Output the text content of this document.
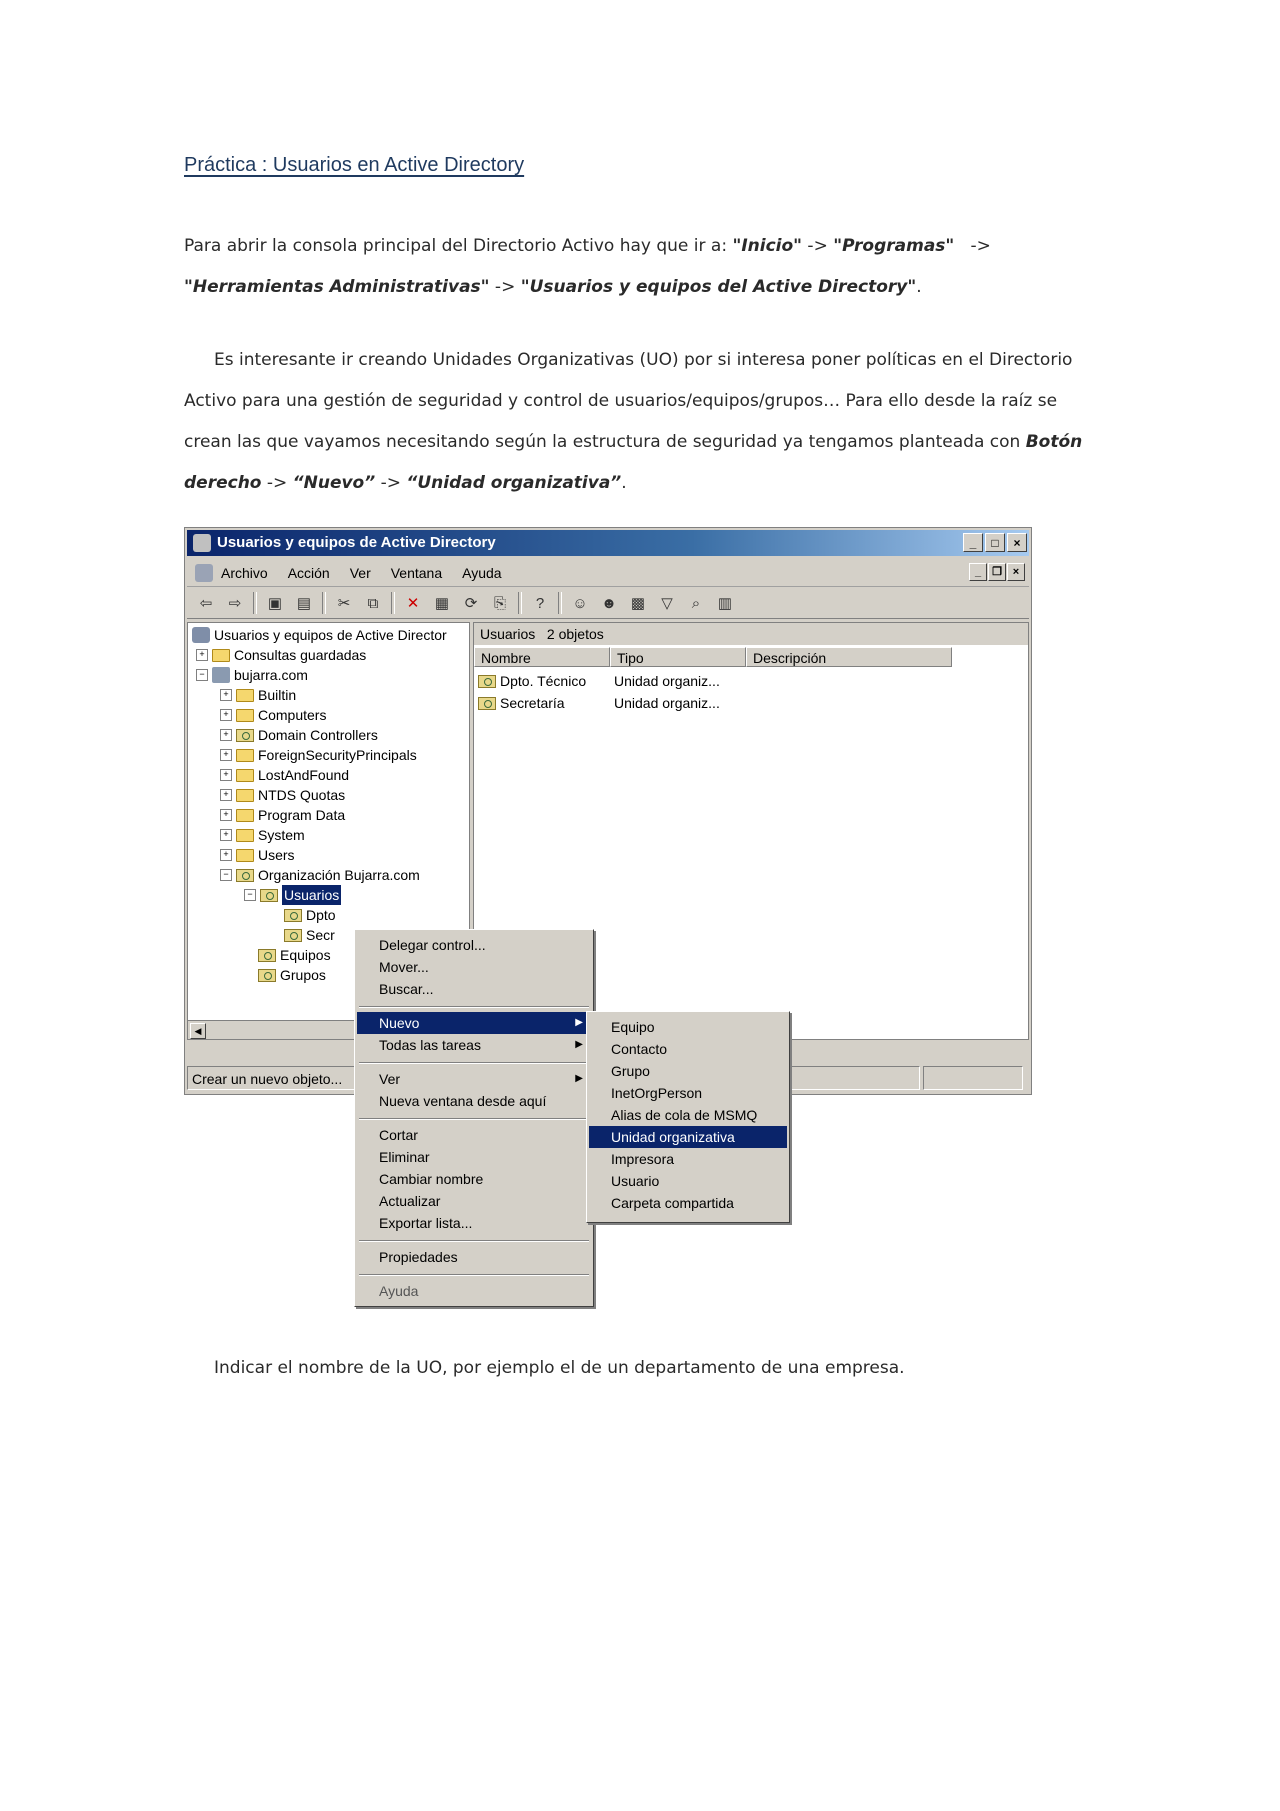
Práctica : Usuarios en Active Directory
Para abrir la consola principal del Directorio Activo hay que ir a: "Inicio" -> "Programas"   ->
"Herramientas Administrativas" -> "Usuarios y equipos del Active Directory".
Es interesante ir creando Unidades Organizativas (UO) por si interesa poner políticas en el Directorio Activo para una gestión de seguridad y control de usuarios/equipos/grupos… Para ello desde la raíz se crean las que vayamos necesitando según la estructura de seguridad ya tengamos planteada con Botón derecho -> “Nuevo” -> “Unidad organizativa”.
Usuarios y equipos de Active Directory	_	□	×
Archivo Acción Ver Ventana Ayuda	_	❐ ×
⇦	⇨	▣ ▤	✂	⧉	✕	▦	⟳	⎘	?	☺ ☻ ▩	▽	⌕	▥
Usuarios y equipos de Active Director
+ Consultas guardadas
− bujarra.com
+ Builtin
+ Computers
+ Domain Controllers
+ ForeignSecurityPrincipals
+ LostAndFound
+ NTDS Quotas
+ Program Data
+ System
+ Users
− Organización Bujarra.com
− Usuarios
Dpto
Secr
Equipos
Grupos
◀
Usuarios 2 objetos
Nombre	Tipo	Descripción
Dpto. Técnico Unidad organiz...
Secretaría	Unidad organiz...
Crear un nuevo objeto...
Delegar control...
Mover...
Buscar...
Nuevo	▶
Todas las tareas	▶
Ver	▶
Nueva ventana desde aquí
Cortar
Eliminar
Cambiar nombre
Actualizar
Exportar lista...
Propiedades
Ayuda
Equipo
Contacto
Grupo
InetOrgPerson
Alias de cola de MSMQ
Unidad organizativa
Impresora
Usuario
Carpeta compartida
Indicar el nombre de la UO, por ejemplo el de un departamento de una empresa.
